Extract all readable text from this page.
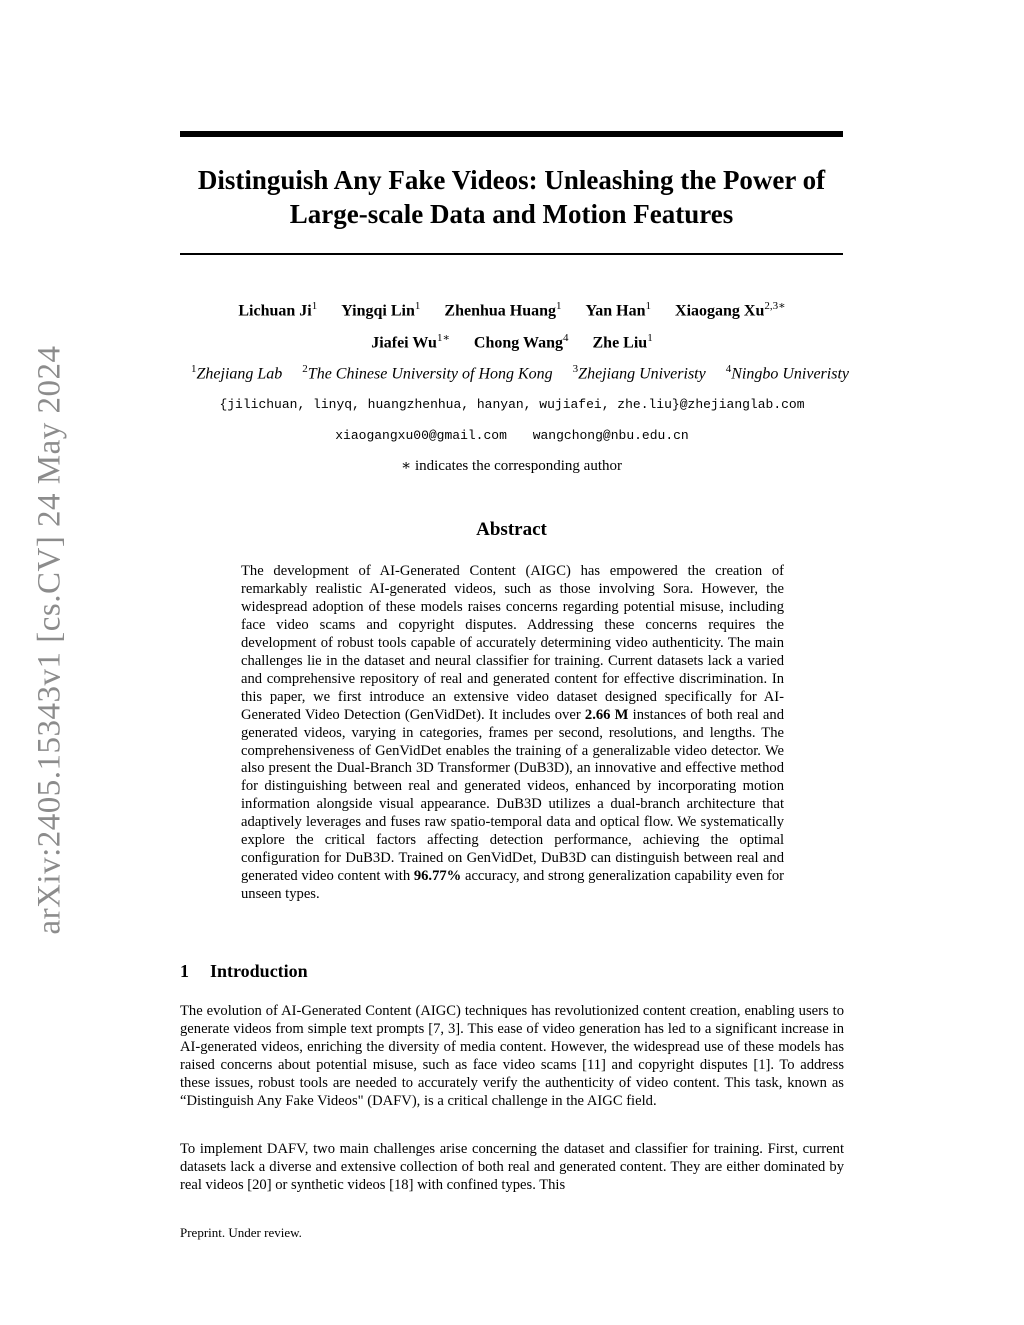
arXiv:2405.15343v1 [cs.CV] 24 May 2024
Distinguish Any Fake Videos: Unleashing the Power of
Large-scale Data and Motion Features
Lichuan Ji$^1$ Yingqi Lin$^1$ Zhenhua Huang$^1$ Yan Han$^1$ Xiaogang $Xu^{2,3∗}$
Jiafei $Wu^{1∗}$ Chong Wang$^4$ Zhe Liu$^1$
$^1$Zhejiang Lab $^2$The Chinese University of Hong Kong $^3$Zhejiang Univeristy $^4$Ningbo Univeristy
{jilichuan, linyq, huangzhenhua, hanyan, wujiafei, zhe.liu}@zhejianglab.com
xiaogangxu00@gmail.com wangchong@nbu.edu.cn
∗ indicates the corresponding author
Abstract

The development of AI-Generated Content (AIGC) has empowered the creation of remarkably realistic AI-generated videos, such as those involving Sora. However, the widespread adoption of these models raises concerns regarding potential misuse, including face video scams and copyright disputes. Addressing these concerns requires the development of robust tools capable of accurately determining video authenticity. The main challenges lie in the dataset and neural classifier for training. Current datasets lack a varied and comprehensive repository of real and generated content for effective discrimination. In this paper, we first introduce an extensive video dataset designed specifically for AI-Generated Video Detection (GenVidDet). It includes over 2.66 M instances of both real and generated videos, varying in categories, frames per second, resolutions, and lengths. The comprehensiveness of GenVidDet enables the training of a generalizable video detector. We also present the Dual-Branch 3D Transformer (DuB3D), an innovative and effective method for distinguishing between real and generated videos, enhanced by incorporating motion information alongside visual appearance. DuB3D utilizes a dual-branch architecture that adaptively leverages and fuses raw spatio-temporal data and optical flow. We systematically explore the critical factors affecting detection performance, achieving the optimal configuration for DuB3D. Trained on GenVidDet, DuB3D can distinguish between real and generated video content with 96.77% accuracy, and strong generalization capability even for unseen types.

1 Introduction

The evolution of AI-Generated Content (AIGC) techniques has revolutionized content creation, enabling users to generate videos from simple text prompts [7, 3]. This ease of video generation has led to a significant increase in AI-generated videos, enriching the diversity of media content. However, the widespread use of these models has raised concerns about potential misuse, such as face video scams [11] and copyright disputes [1]. To address these issues, robust tools are needed to accurately verify the authenticity of video content. This task, known as “Distinguish Any Fake Videos" (DAFV), is a critical challenge in the AIGC field.

To implement DAFV, two main challenges arise concerning the dataset and classifier for training. First, current datasets lack a diverse and extensive collection of both real and generated content. They are either dominated by real videos [20] or synthetic videos [18] with confined types. This

Preprint. Under review.
